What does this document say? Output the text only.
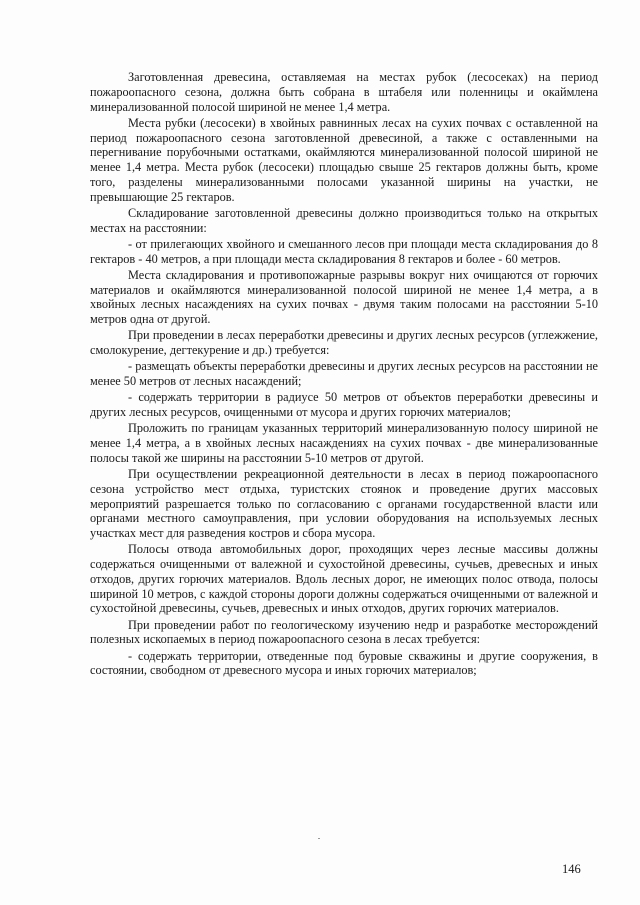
Заготовленная древесина, оставляемая на местах рубок (лесосеках) на период пожароопасного сезона, должна быть собрана в штабеля или поленницы и окаймлена минерализованной полосой шириной не менее 1,4 метра.

Места рубки (лесосеки) в хвойных равнинных лесах на сухих почвах с оставленной на период пожароопасного сезона заготовленной древесиной, а также с оставленными на перегнивание порубочными остатками, окаймляются минерализованной полосой шириной не менее 1,4 метра. Места рубок (лесосеки) площадью свыше 25 гектаров должны быть, кроме того, разделены минерализованными полосами указанной ширины на участки, не превышающие 25 гектаров.

Складирование заготовленной древесины должно производиться только на открытых местах на расстоянии:

- от прилегающих хвойного и смешанного лесов при площади места складирования до 8 гектаров - 40 метров, а при площади места складирования 8 гектаров и более - 60 метров.

Места складирования и противопожарные разрывы вокруг них очищаются от горючих материалов и окаймляются минерализованной полосой шириной не менее 1,4 метра, а в хвойных лесных насаждениях на сухих почвах - двумя таким полосами на расстоянии 5-10 метров одна от другой.

При проведении в лесах переработки древесины и других лесных ресурсов (углежжение, смолокурение, дегтекурение и др.) требуется:

- размещать объекты переработки древесины и других лесных ресурсов на расстоянии не менее 50 метров от лесных насаждений;

- содержать территории в радиусе 50 метров от объектов переработки древесины и других лесных ресурсов, очищенными от мусора и других горючих материалов;

Проложить по границам указанных территорий минерализованную полосу шириной не менее 1,4 метра, а в хвойных лесных насаждениях на сухих почвах - две минерализованные полосы такой же ширины на расстоянии 5-10 метров от другой.

При осуществлении рекреационной деятельности в лесах в период пожароопасного сезона устройство мест отдыха, туристских стоянок и проведение других массовых мероприятий разрешается только по согласованию с органами государственной власти или органами местного самоуправления, при условии оборудования на используемых лесных участках мест для разведения костров и сбора мусора.

Полосы отвода автомобильных дорог, проходящих через лесные массивы должны содержаться очищенными от валежной и сухостойной древесины, сучьев, древесных и иных отходов, других горючих материалов. Вдоль лесных дорог, не имеющих полос отвода, полосы шириной 10 метров, с каждой стороны дороги должны содержаться очищенными от валежной и сухостойной древесины, сучьев, древесных и иных отходов, других горючих материалов.

При проведении работ по геологическому изучению недр и разработке месторождений полезных ископаемых в период пожароопасного сезона в лесах требуется:

- содержать территории, отведенные под буровые скважины и другие сооружения, в состоянии, свободном от древесного мусора и иных горючих материалов;

146
